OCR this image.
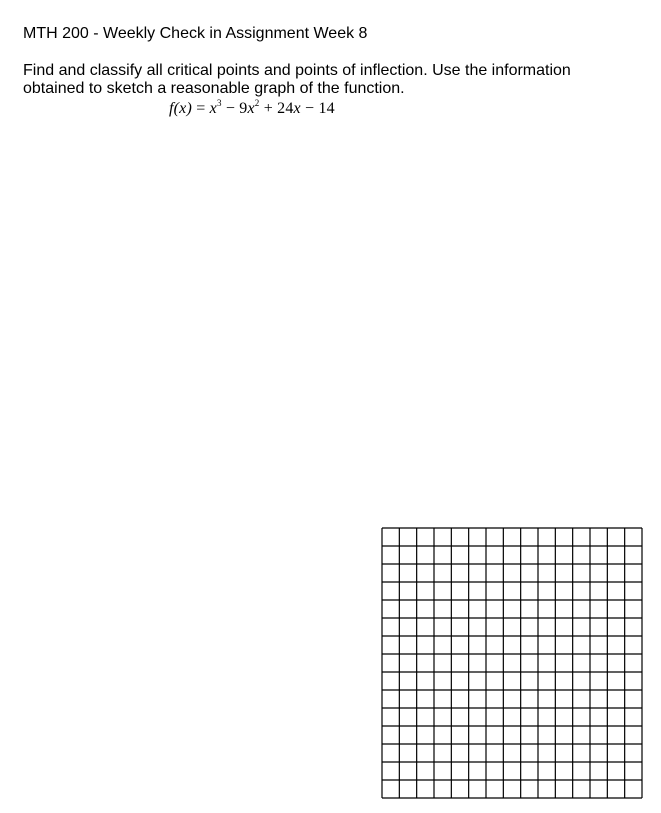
MTH 200 - Weekly Check in Assignment Week 8
Find and classify all critical points and points of inflection. Use the information
obtained to sketch a reasonable graph of the function.
$f(x) = x^3 - 9x^2 + 24x - 14$
